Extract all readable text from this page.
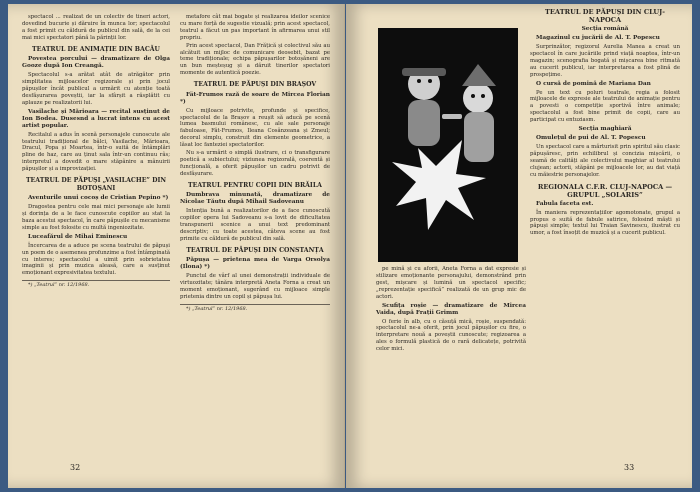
spectacol ... realizat de un colectiv de tineri actori, dovedind bucurie și dăruire în munca lor; spectacolul a fost primit cu căldură de publicul din sală, de la cei mai mici spectatori până la părinții lor.

TEATRUL DE ANIMAȚIE DIN BACĂU
Povestea porcului — dramatizare de Olga Gooze după Ion Creangă.

Spectacolul s-a arătat atât de atrăgător prin simplitatea mijloacelor regizorale și prin jocul păpușilor încât publicul a urmărit cu atenție toată desfășurarea poveștii, iar la sfârșit a răsplătit cu aplauze pe realizatorii lui.

Vasilache și Mărioara — recital susținut de Ion Bodea. Dusesnd a lucrat intens cu acest artist popular.

Recitalul a adus în scenă personajele cunoscute ale teatrului tradițional de bâlci, Vasilache, Mărioara, Dracul, Popa și Moartea, într-o suită de întâmplări pline de haz, care au ținut sala într-un continuu râs; interpretul a dovedit o mare stăpânire a mânuirii păpușilor și a improvizației.

TEATRUL DE PĂPUȘI „VASILACHE” DIN BOTOȘANI
Aventurile unui cocoș de Cristian Pepino *)

Dragostea pentru cele mai mici personaje ale lumii și dorința de a le face cunoscute copiilor au stat la baza acestui spectacol, în care păpușile cu mecanisme simple au fost folosite cu multă ingeniozitate.

Luceafărul de Mihai Eminescu

Încercarea de a aduce pe scena teatrului de păpuși un poem de o asemenea profunzime a fost întâmpinată cu interes; spectacolul a uimit prin sobrietatea imaginii și prin muzica aleasă, care a susținut emoționant expresivitatea textului.

*) „Teatrul” nr. 12/1968.

metafore cât mai bogate și realizarea ideilor scenice cu mare forță de sugestie vizuală; prin acest spectacol, teatrul a făcut un pas important în afirmarea unui stil propriu.

Prin acest spectacol, Dan Frățică și colectivul său au alcătuit un mijloc de comunicare deosebit, bazat pe teme tradiționale; echipa păpușarilor botoșăneni are un bun meșteșug și a dăruit tinerilor spectatori momente de autentică poezie.

TEATRUL DE PĂPUȘI DIN BRAȘOV
Fät-Frumos rază de soare de Mircea Florian *)

Cu mijloace potrivite, profunde și specifice, spectacolul de la Brașov a reușit să aducă pe scenă lumea basmului românesc, cu ale sale personaje fabuloase, Făt-Frumos, Ileana Cosânzeana și Zmeul; decorul simplu, construit din elemente geometrice, a lăsat loc fanteziei spectatorilor.

Nu s-a urmărit o simplă ilustrare, ci o transfigurare poetică a subiectului; viziunea regizorală, coerentă și funcțională, a oferit păpușilor un cadru potrivit de desfășurare.

TEATRUL PENTRU COPII DIN BRĂILA
Dumbrava minunată, dramatizare de Nicolae Tăutu după Mihail Sadoveanu

Intenția bună a realizatorilor de a face cunoscută copiilor opera lui Sadoveanu s-a lovit de dificultatea transpunerii scenice a unui text predominant descriptiv; cu toate acestea, câteva scene au fost primite cu căldură de publicul din sală.

TEATRUL DE PĂPUȘI DIN CONSTANȚA
Păpușa — prietena mea de Varga Orsolya (Ilona) *)

Punctul de vârf al unei demonstrații individuale de virtuozitate; tânăra interpretă Aneta Forna a creat un moment emoționant, sugerând cu mijloace simple prietenia dintre un copil și păpușa lui.

*) „Teatrul” nr. 12/1968.
32

pe mină și cu aforii, Aneta Forna a dat expresie și stilizare emoționante personajului, demonstrând prin gest, mișcare și lumină un spectacol specific; „reprezentație specifică” realizată de un grup mic de actori.

Scufița roșie — dramatizare de Mircea Vaida, după Frații Grimm

O ferie în alb, cu o căsuță mică, roșie, suspendată: spectacolul ne-a oferit, prin jocul păpușilor cu fire, o interpretare nouă a poveștii cunoscute; regizoarea a ales o formulă plastică de o rară delicatețe, potrivită celor mici.

TEATRUL DE PĂPUȘI DIN CLUJ-NAPOCA
Secția română
Magazinul cu jucării de Al. T. Popescu

Surprinzător, regizorul Aurelia Manea a creat un spectacol în care jucăriile prind viață noaptea, într-un magazin; scenografia bogată și mișcarea bine ritmată au cucerit publicul, iar interpretarea a fost plină de prospețime.

O cursă de pomină de Mariana Dan

Pe un text cu poluri teatrale, regia a folosit mijloacele de expresie ale teatrului de animație pentru a povesti o competiție sportivă între animale; spectacolul a fost bine primit de copii, care au participat cu entuziasm.

Secția maghiară
Omulețul de pui de Al. T. Popescu

Un spectacol care a mărturisit prin spiritul său clasic păpușăresc, prin echilibrul și concizia mișcării, o seamă de calități ale colectivului maghiar al teatrului clujean; actorii, stăpâni pe mijloacele lor, au dat viață cu măiestrie personajelor.

REGIONALA C.F.R. CLUJ-NAPOCA — GRUPUL „SOLARIS”
Fabula faceta est.

În maniera reprezentațiilor agomotonate, grupul a propus o suită de fabule satirice, folosind măști și păpuși simple; textul lui Traian Savinescu, ilustrat cu umor, a fost însoțit de muzică și a cucerit publicul.

33
